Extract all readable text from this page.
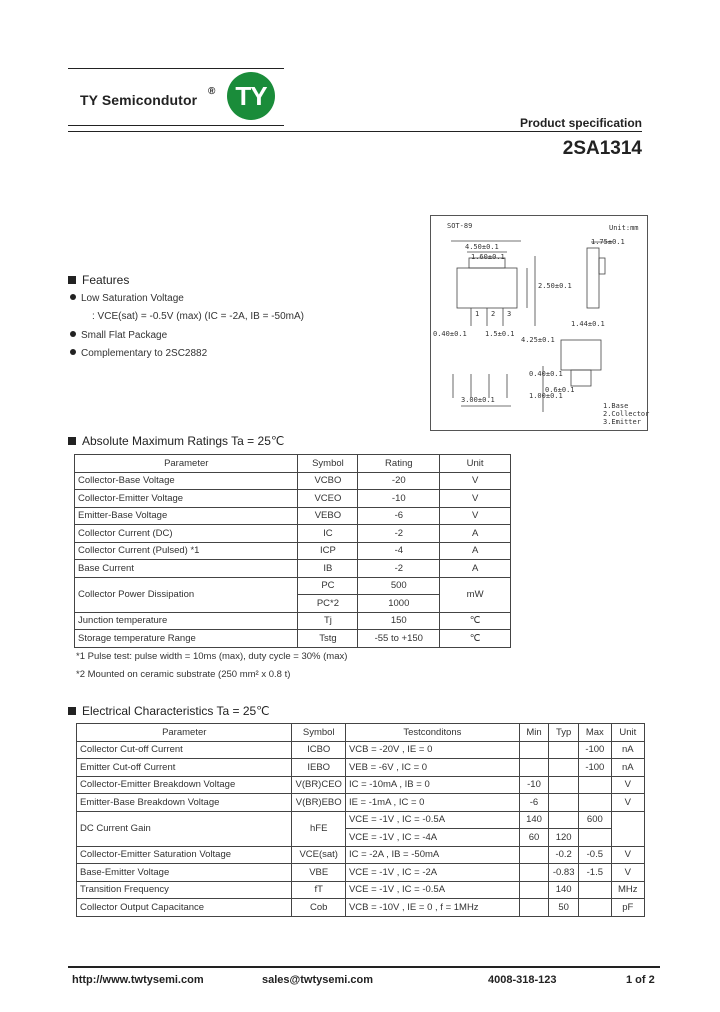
TY Semicondutor
® TY
Product specification
2SA1314
SOT-89	Unit:mm
4.50±0.1
1.60±0.1
0.40±0.1	1.5±0.1
3.00±0.1
1.44±0.1
1.75±0.1
2.50±0.1
4.25±0.1
0.40±0.1
1.00±0.1
0.6±0.1
1 2 3
1.Base
2.Collector
3.Emitter
Features
Low Saturation Voltage
: VCE(sat) = -0.5V (max) (IC = -2A, IB = -50mA)
Small Flat Package
Complementary to 2SC2882
Absolute Maximum Ratings Ta = 25℃
Parameter	Symbol	Rating	Unit
Collector-Base Voltage	VCBO	-20	V
Collector-Emitter Voltage	VCEO	-10	V
Emitter-Base Voltage	VEBO	-6	V
Collector Current (DC)	IC	-2	A
Collector Current (Pulsed) *1	ICP	-4	A
Base Current	IB	-2	A
Collector Power Dissipation	PC	500	mW
	PC*2	1000	
Junction temperature	Tj	150	℃
Storage temperature Range	Tstg	-55 to +150	℃
*1 Pulse test: pulse width = 10ms (max), duty cycle = 30% (max)
*2 Mounted on ceramic substrate (250 mm² x 0.8 t)
Electrical Characteristics Ta = 25℃
Parameter	Symbol	Testconditons	Min	Typ	Max	Unit
Collector Cut-off Current	ICBO	VCB = -20V , IE = 0			-100	nA
Emitter Cut-off Current	IEBO	VEB = -6V , IC = 0			-100	nA
Collector-Emitter Breakdown Voltage	V(BR)CEO	IC = -10mA , IB = 0	-10			V
Emitter-Base Breakdown Voltage	V(BR)EBO	IE = -1mA , IC = 0	-6			V
DC Current Gain	hFE	VCE = -1V , IC = -0.5A	140		600	
		VCE = -1V , IC = -4A	60	120		
Collector-Emitter Saturation Voltage	VCE(sat)	IC = -2A , IB = -50mA		-0.2	-0.5	V
Base-Emitter Voltage	VBE	VCE = -1V , IC = -2A		-0.83	-1.5	V
Transition Frequency	fT	VCE = -1V , IC = -0.5A		140		MHz
Collector Output Capacitance	Cob	VCB = -10V , IE = 0 , f = 1MHz		50		pF
http://www.twtysemi.com	sales@twtysemi.com	4008-318-123	1 of 2
